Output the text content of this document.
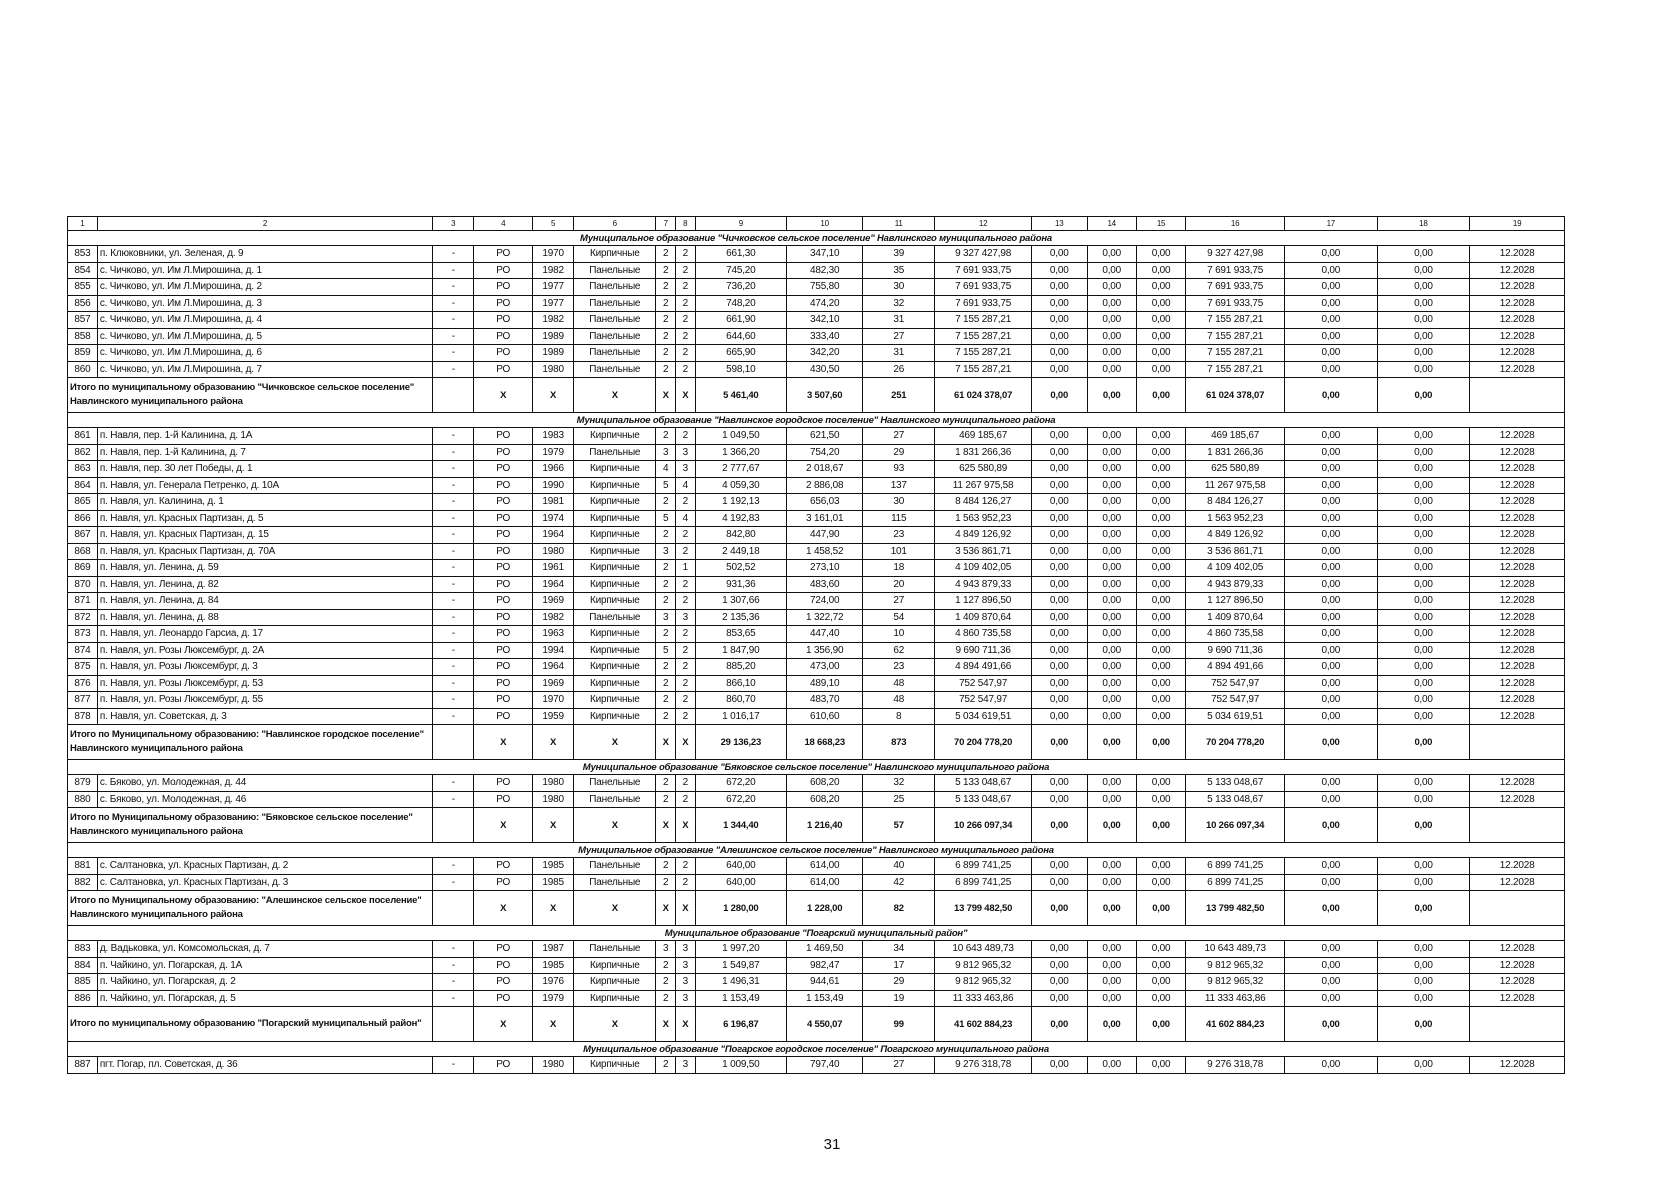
1	2	3	4	5	6	7	8	9	10	11	12	13	14	15	16	17	18	19
Муниципальное образование "Чичковское сельское поселение" Навлинского муниципального района																		
853	п. Клюковники, ул. Зеленая, д. 9	-	РО	1970	Кирпичные	2	2	661,30	347,10	39	9 327 427,98	0,00	0,00	0,00	9 327 427,98	0,00	0,00	12.2028
854	с. Чичково, ул. Им Л.Мирошина, д. 1	-	РО	1982	Панельные	2	2	745,20	482,30	35	7 691 933,75	0,00	0,00	0,00	7 691 933,75	0,00	0,00	12.2028
855	с. Чичково, ул. Им Л.Мирошина, д. 2	-	РО	1977	Панельные	2	2	736,20	755,80	30	7 691 933,75	0,00	0,00	0,00	7 691 933,75	0,00	0,00	12.2028
856	с. Чичково, ул. Им Л.Мирошина, д. 3	-	РО	1977	Панельные	2	2	748,20	474,20	32	7 691 933,75	0,00	0,00	0,00	7 691 933,75	0,00	0,00	12.2028
857	с. Чичково, ул. Им Л.Мирошина, д. 4	-	РО	1982	Панельные	2	2	661,90	342,10	31	7 155 287,21	0,00	0,00	0,00	7 155 287,21	0,00	0,00	12.2028
858	с. Чичково, ул. Им Л.Мирошина, д. 5	-	РО	1989	Панельные	2	2	644,60	333,40	27	7 155 287,21	0,00	0,00	0,00	7 155 287,21	0,00	0,00	12.2028
859	с. Чичково, ул. Им Л.Мирошина, д. 6	-	РО	1989	Панельные	2	2	665,90	342,20	31	7 155 287,21	0,00	0,00	0,00	7 155 287,21	0,00	0,00	12.2028
860	с. Чичково, ул. Им Л.Мирошина, д. 7	-	РО	1980	Панельные	2	2	598,10	430,50	26	7 155 287,21	0,00	0,00	0,00	7 155 287,21	0,00	0,00	12.2028
Итого по муниципальному образованию "Чичковское сельское поселение" Навлинского муниципального района			Х	Х	Х	Х	Х	5 461,40	3 507,60	251	61 024 378,07	0,00	0,00	0,00	61 024 378,07	0,00	0,00	
Муниципальное образование "Навлинское городское поселение" Навлинского муниципального района																		
861	п. Навля, пер. 1-й Калинина, д. 1А	-	РО	1983	Кирпичные	2	2	1 049,50	621,50	27	469 185,67	0,00	0,00	0,00	469 185,67	0,00	0,00	12.2028
862	п. Навля, пер. 1-й Калинина, д. 7	-	РО	1979	Панельные	3	3	1 366,20	754,20	29	1 831 266,36	0,00	0,00	0,00	1 831 266,36	0,00	0,00	12.2028
863	п. Навля, пер. 30 лет Победы, д. 1	-	РО	1966	Кирпичные	4	3	2 777,67	2 018,67	93	625 580,89	0,00	0,00	0,00	625 580,89	0,00	0,00	12.2028
864	п. Навля, ул. Генерала Петренко, д. 10А	-	РО	1990	Кирпичные	5	4	4 059,30	2 886,08	137	11 267 975,58	0,00	0,00	0,00	11 267 975,58	0,00	0,00	12.2028
865	п. Навля, ул. Калинина, д. 1	-	РО	1981	Кирпичные	2	2	1 192,13	656,03	30	8 484 126,27	0,00	0,00	0,00	8 484 126,27	0,00	0,00	12.2028
866	п. Навля, ул. Красных Партизан, д. 5	-	РО	1974	Кирпичные	5	4	4 192,83	3 161,01	115	1 563 952,23	0,00	0,00	0,00	1 563 952,23	0,00	0,00	12.2028
867	п. Навля, ул. Красных Партизан, д. 15	-	РО	1964	Кирпичные	2	2	842,80	447,90	23	4 849 126,92	0,00	0,00	0,00	4 849 126,92	0,00	0,00	12.2028
868	п. Навля, ул. Красных Партизан, д. 70А	-	РО	1980	Кирпичные	3	2	2 449,18	1 458,52	101	3 536 861,71	0,00	0,00	0,00	3 536 861,71	0,00	0,00	12.2028
869	п. Навля, ул. Ленина, д. 59	-	РО	1961	Кирпичные	2	1	502,52	273,10	18	4 109 402,05	0,00	0,00	0,00	4 109 402,05	0,00	0,00	12.2028
870	п. Навля, ул. Ленина, д. 82	-	РО	1964	Кирпичные	2	2	931,36	483,60	20	4 943 879,33	0,00	0,00	0,00	4 943 879,33	0,00	0,00	12.2028
871	п. Навля, ул. Ленина, д. 84	-	РО	1969	Кирпичные	2	2	1 307,66	724,00	27	1 127 896,50	0,00	0,00	0,00	1 127 896,50	0,00	0,00	12.2028
872	п. Навля, ул. Ленина, д. 88	-	РО	1982	Панельные	3	3	2 135,36	1 322,72	54	1 409 870,64	0,00	0,00	0,00	1 409 870,64	0,00	0,00	12.2028
873	п. Навля, ул. Леонардо Гарсиа, д. 17	-	РО	1963	Кирпичные	2	2	853,65	447,40	10	4 860 735,58	0,00	0,00	0,00	4 860 735,58	0,00	0,00	12.2028
874	п. Навля, ул. Розы Люксембург, д. 2А	-	РО	1994	Кирпичные	5	2	1 847,90	1 356,90	62	9 690 711,36	0,00	0,00	0,00	9 690 711,36	0,00	0,00	12.2028
875	п. Навля, ул. Розы Люксембург, д. 3	-	РО	1964	Кирпичные	2	2	885,20	473,00	23	4 894 491,66	0,00	0,00	0,00	4 894 491,66	0,00	0,00	12.2028
876	п. Навля, ул. Розы Люксембург, д. 53	-	РО	1969	Кирпичные	2	2	866,10	489,10	48	752 547,97	0,00	0,00	0,00	752 547,97	0,00	0,00	12.2028
877	п. Навля, ул. Розы Люксембург, д. 55	-	РО	1970	Кирпичные	2	2	860,70	483,70	48	752 547,97	0,00	0,00	0,00	752 547,97	0,00	0,00	12.2028
878	п. Навля, ул. Советская, д. 3	-	РО	1959	Кирпичные	2	2	1 016,17	610,60	8	5 034 619,51	0,00	0,00	0,00	5 034 619,51	0,00	0,00	12.2028
Итого по Муниципальному образованию: "Навлинское городское поселение" Навлинского муниципального района			Х	Х	Х	Х	Х	29 136,23	18 668,23	873	70 204 778,20	0,00	0,00	0,00	70 204 778,20	0,00	0,00	
Муниципальное образование "Бяковское сельское поселение" Навлинского муниципального района																		
879	с. Бяково, ул. Молодежная, д. 44	-	РО	1980	Панельные	2	2	672,20	608,20	32	5 133 048,67	0,00	0,00	0,00	5 133 048,67	0,00	0,00	12.2028
880	с. Бяково, ул. Молодежная, д. 46	-	РО	1980	Панельные	2	2	672,20	608,20	25	5 133 048,67	0,00	0,00	0,00	5 133 048,67	0,00	0,00	12.2028
Итого по Муниципальному образованию: "Бяковское сельское поселение" Навлинского муниципального района			Х	Х	Х	Х	Х	1 344,40	1 216,40	57	10 266 097,34	0,00	0,00	0,00	10 266 097,34	0,00	0,00	
Муниципальное образование "Алешинское сельское поселение" Навлинского муниципального района																		
881	с. Салтановка, ул. Красных Партизан, д. 2	-	РО	1985	Панельные	2	2	640,00	614,00	40	6 899 741,25	0,00	0,00	0,00	6 899 741,25	0,00	0,00	12.2028
882	с. Салтановка, ул. Красных Партизан, д. 3	-	РО	1985	Панельные	2	2	640,00	614,00	42	6 899 741,25	0,00	0,00	0,00	6 899 741,25	0,00	0,00	12.2028
Итого по Муниципальному образованию: "Алешинское сельское поселение" Навлинского муниципального района			Х	Х	Х	Х	Х	1 280,00	1 228,00	82	13 799 482,50	0,00	0,00	0,00	13 799 482,50	0,00	0,00	
Муниципальное образование "Погарский муниципальный район"																		
883	д. Вадьковка, ул. Комсомольская, д. 7	-	РО	1987	Панельные	3	3	1 997,20	1 469,50	34	10 643 489,73	0,00	0,00	0,00	10 643 489,73	0,00	0,00	12.2028
884	п. Чайкино, ул. Погарская, д. 1А	-	РО	1985	Кирпичные	2	3	1 549,87	982,47	17	9 812 965,32	0,00	0,00	0,00	9 812 965,32	0,00	0,00	12.2028
885	п. Чайкино, ул. Погарская, д. 2	-	РО	1976	Кирпичные	2	3	1 496,31	944,61	29	9 812 965,32	0,00	0,00	0,00	9 812 965,32	0,00	0,00	12.2028
886	п. Чайкино, ул. Погарская, д. 5	-	РО	1979	Кирпичные	2	3	1 153,49	1 153,49	19	11 333 463,86	0,00	0,00	0,00	11 333 463,86	0,00	0,00	12.2028
Итого по муниципальному образованию "Погарский муниципальный район"			Х	Х	Х	Х	Х	6 196,87	4 550,07	99	41 602 884,23	0,00	0,00	0,00	41 602 884,23	0,00	0,00	
Муниципальное образование "Погарское городское поселение" Погарского муниципального района																		
887	пгт. Погар, пл. Советская, д. 36	-	РО	1980	Кирпичные	2	3	1 009,50	797,40	27	9 276 318,78	0,00	0,00	0,00	9 276 318,78	0,00	0,00	12.2028
31
